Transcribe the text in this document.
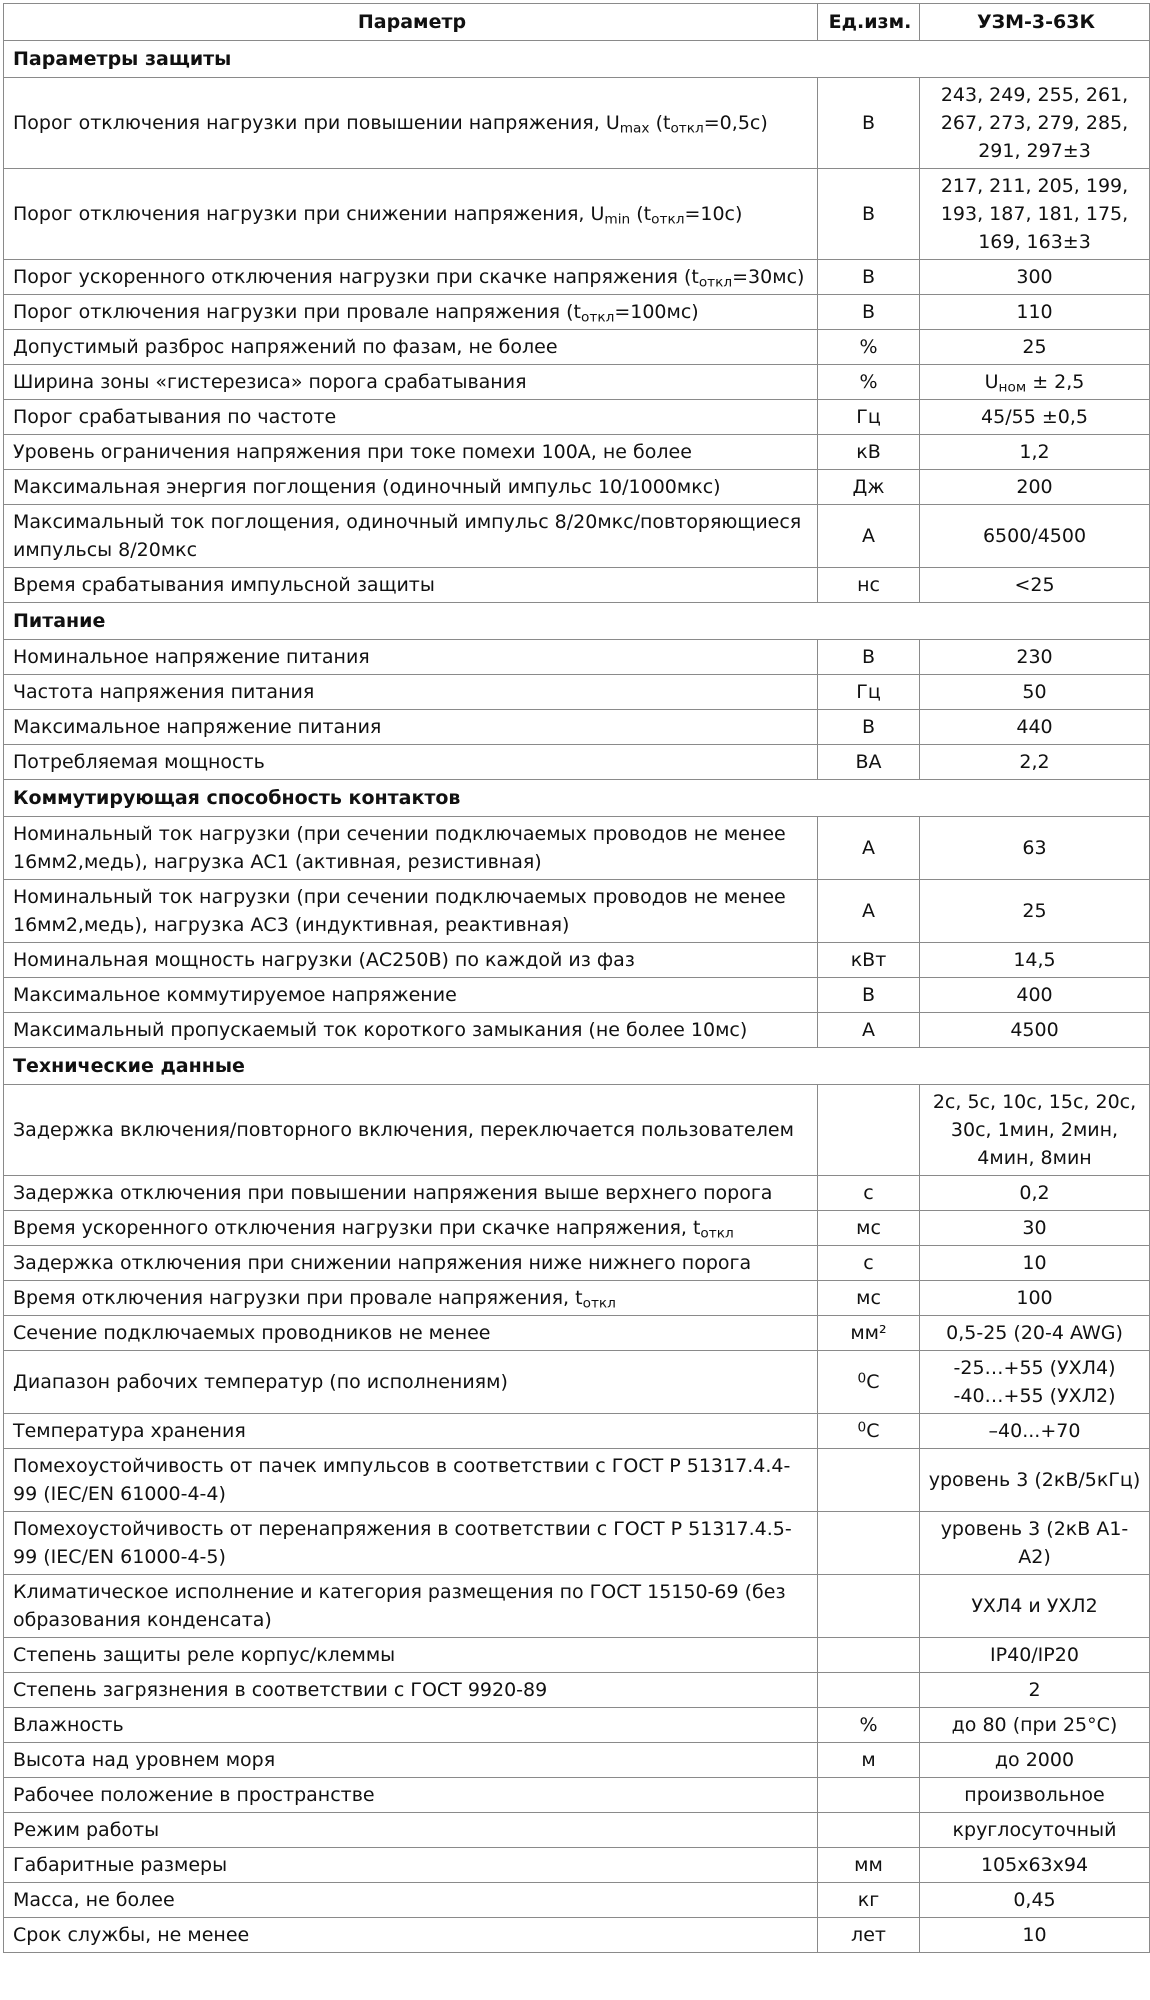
Параметр	Ед.изм.	УЗМ-3-63К
Параметры защиты		
Порог отключения нагрузки при повышении напряжения, $U_{max}$ $(t_{откл}=0,5с)$	В	243, 249, 255, 261, 267, 273, 279, 285, 291, 297±3
Порог отключения нагрузки при снижении напряжения, $U_{min}$ $(t_{откл}=10с)$	В	217, 211, 205, 199, 193, 187, 181, 175, 169, 163±3
Порог ускоренного отключения нагрузки при скачке напряжения $(t_{откл}=30мс)$	В	300
Порог отключения нагрузки при провале напряжения $(t_{откл}=100мс)$	В	110
Допустимый разброс напряжений по фазам, не более	%	25
Ширина зоны «гистерезиса» порога срабатывания	%	$U_{ном} \pm 2,5$
Порог срабатывания по частоте	Гц	45/55 ±0,5
Уровень ограничения напряжения при токе помехи 100А, не более	кВ	1,2
Максимальная энергия поглощения (одиночный импульс 10/1000мкс)	Дж	200
Максимальный ток поглощения, одиночный импульс 8/20мкс/повторяющиеся импульсы 8/20мкс	А	6500/4500
Время срабатывания импульсной защиты	нс	<25
Питание		
Номинальное напряжение питания	В	230
Частота напряжения питания	Гц	50
Максимальное напряжение питания	В	440
Потребляемая мощность	ВА	2,2
Коммутирующая способность контактов		
Номинальный ток нагрузки (при сечении подключаемых проводов не менее 16мм2,медь), нагрузка АС1 (активная, резистивная)	А	63
Номинальный ток нагрузки (при сечении подключаемых проводов не менее 16мм2,медь), нагрузка АС3 (индуктивная, реактивная)	А	25
Номинальная мощность нагрузки (АС250В) по каждой из фаз	кВт	14,5
Максимальное коммутируемое напряжение	В	400
Максимальный пропускаемый ток короткого замыкания (не более 10мс)	А	4500
Технические данные		
Задержка включения/повторного включения, переключается пользователем		2с, 5с, 10с, 15с, 20с, 30с, 1мин, 2мин, 4мин, 8мин
Задержка отключения при повышении напряжения выше верхнего порога	с	0,2
Время ускоренного отключения нагрузки при скачке напряжения, $t_{откл}$	мс	30
Задержка отключения при снижении напряжения ниже нижнего порога	с	10
Время отключения нагрузки при провале напряжения, $t_{откл}$	мс	100
Сечение подключаемых проводников не менее	мм²	0,5-25 (20-4 AWG)
Диапазон рабочих температур (по исполнениям)	$^0$С	-25…+55 (УХЛ4)
-40…+55 (УХЛ2)
Температура хранения	$^0$С	–40...+70
Помехоустойчивость от пачек импульсов в соответствии с ГОСТ Р 51317.4.4-99 (IEC/EN 61000-4-4)		уровень 3 (2кВ/5кГц)
Помехоустойчивость от перенапряжения в соответствии с ГОСТ Р 51317.4.5-99 (IEC/EN 61000-4-5)		уровень 3 (2кВ А1-А2)
Климатическое исполнение и категория размещения по ГОСТ 15150-69 (без образования конденсата)		УХЛ4 и УХЛ2
Степень защиты реле корпус/клеммы		IP40/IP20
Степень загрязнения в соответствии с ГОСТ 9920-89		2
Влажность	%	до 80 (при 25°С)
Высота над уровнем моря	м	до 2000
Рабочее положение в пространстве		произвольное
Режим работы		круглосуточный
Габаритные размеры	мм	105x63x94
Масса, не более	кг	0,45
Срок службы, не менее	лет	10
